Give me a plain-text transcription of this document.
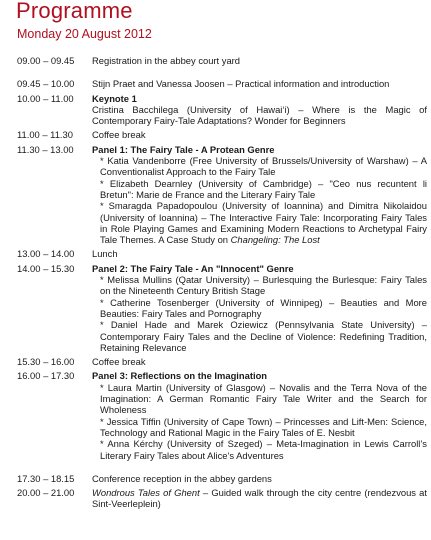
Programme
Monday 20 August 2012
09.00 – 09.45	Registration in the abbey court yard
09.45 – 10.00	Stijn Praet and Vanessa Joosen – Practical information and introduction
10.00 – 11.00	Keynote 1
Cristina Bacchilega (University of Hawai‘i) – Where is the Magic of Contemporary Fairy-Tale Adaptations? Wonder for Beginners
11.00 – 11.30	Coffee break
11.30 – 13.00	Panel 1: The Fairy Tale - A Protean Genre
* Katia Vandenborre (Free University of Brussels/University of Warshaw) – A Conventionalist Approach to the Fairy Tale
* Elizabeth Dearnley (University of Cambridge) – "Ceo nus recuntent li Bretun": Marie de France and the Literary Fairy Tale
* Smaragda Papadopoulou (University of Ioannina) and Dimitra Nikolaidou (University of Ioannina) – The Interactive Fairy Tale: Incorporating Fairy Tales in Role Playing Games and Examining Modern Reactions to Archetypal Fairy Tale Themes. A Case Study on Changeling: The Lost
13.00 – 14.00	Lunch
14.00 – 15.30	Panel 2: The Fairy Tale - An "Innocent" Genre
* Melissa Mullins (Qatar University) – Burlesquing the Burlesque: Fairy Tales on the Nineteenth Century British Stage
* Catherine Tosenberger (University of Winnipeg) – Beauties and More Beauties: Fairy Tales and Pornography
* Daniel Hade and Marek Oziewicz (Pennsylvania State University) – Contemporary Fairy Tales and the Decline of Violence: Redefining Tradition, Retaining Relevance
15.30 – 16.00	Coffee break
16.00 – 17.30	Panel 3: Reflections on the Imagination
* Laura Martin (University of Glasgow) – Novalis and the Terra Nova of the Imagination: A German Romantic Fairy Tale Writer and the Search for Wholeness
* Jessica Tiffin (University of Cape Town) – Princesses and Lift-Men: Science, Technology and Rational Magic in the Fairy Tales of E. Nesbit
* Anna Kérchy (University of Szeged) – Meta-Imagination in Lewis Carroll’s Literary Fairy Tales about Alice’s Adventures
17.30 – 18.15	Conference reception in the abbey gardens
20.00 – 21.00	Wondrous Tales of Ghent – Guided walk through the city centre (rendezvous at Sint-Veerleplein)
